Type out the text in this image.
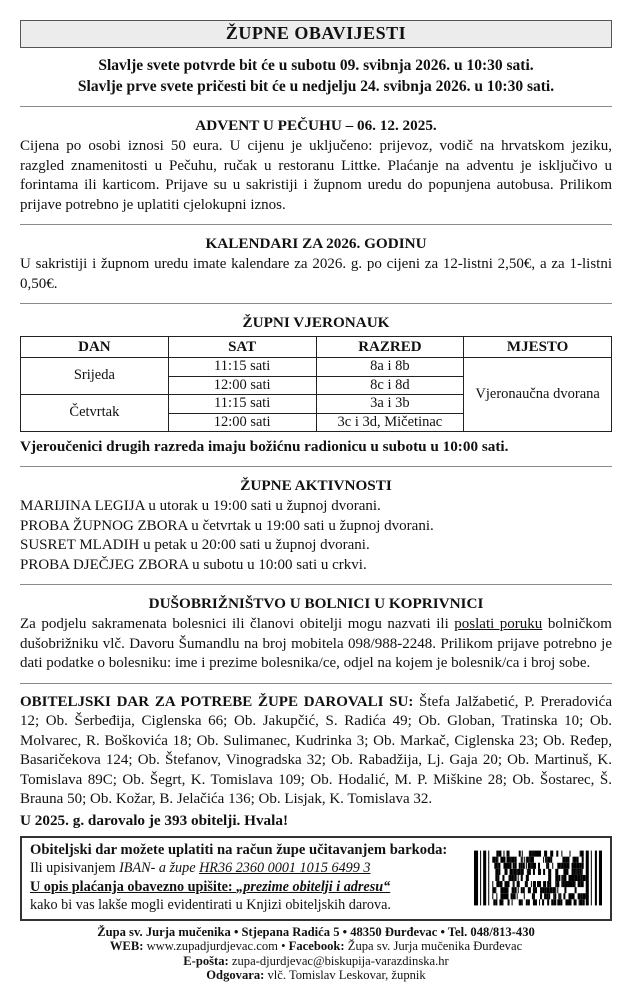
ŽUPNE OBAVIJESTI

Slavlje svete potvrde bit će u subotu 09. svibnja 2026. u 10:30 sati.

Slavlje prve svete pričesti bit će u nedjelju 24. svibnja 2026. u 10:30 sati.

ADVENT U PEČUHU – 06. 12. 2025.

Cijena po osobi iznosi 50 eura. U cijenu je uključeno: prijevoz, vodič na hrvatskom jeziku, razgled znamenitosti u Pečuhu, ručak u restoranu Littke. Plaćanje na adventu je isključivo u forintama ili karticom. Prijave su u sakristiji i župnom uredu do popunjena autobusa. Prilikom prijave potrebno je uplatiti cjelokupni iznos.

KALENDARI ZA 2026. GODINU

U sakristiji i župnom uredu imate kalendare za 2026. g. po cijeni za 12-listni 2,50€, a za 1-listni 0,50€.

ŽUPNI VJERONAUK
DAN	SAT	RAZRED	MJESTO
Srijeda	11:15 sati	8a i 8b	Vjeronaučna dvorana
	12:00 sati	8c i 8d	
Četvrtak	11:15 sati	3a i 3b	
	12:00 sati	3c i 3d, Mičetinac	

Vjeroučenici drugih razreda imaju božićnu radionicu u subotu u 10:00 sati.

ŽUPNE AKTIVNOSTI

MARIJINA LEGIJA u utorak u 19:00 sati u župnoj dvorani.

PROBA ŽUPNOG ZBORA u četvrtak u 19:00 sati u župnoj dvorani.

SUSRET MLADIH u petak u 20:00 sati u župnoj dvorani.

PROBA DJEČJEG ZBORA u subotu u 10:00 sati u crkvi.

DUŠOBRIŽNIŠTVO U BOLNICI U KOPRIVNICI

Za podjelu sakramenata bolesnici ili članovi obitelji mogu nazvati ili poslati poruku bolničkom dušobrižniku vlč. Davoru Šumandlu na broj mobitela 098/988-2248. Prilikom prijave potrebno je dati podatke o bolesniku: ime i prezime bolesnika/ce, odjel na kojem je bolesnik/ca i broj sobe.

OBITELJSKI DAR ZA POTREBE ŽUPE DAROVALI SU: Štefa Jalžabetić, P. Preradovića 12; Ob. Šerbeđija, Ciglenska 66; Ob. Jakupčić, S. Radića 49; Ob. Globan, Tratinska 10; Ob. Molvarec, R. Boškovića 18; Ob. Sulimanec, Kudrinka 3; Ob. Markač, Ciglenska 23; Ob. Ređep, Basaričekova 124; Ob. Štefanov, Vinogradska 32; Ob. Rabadžija, Lj. Gaja 20; Ob. Martinuš, K. Tomislava 89C; Ob. Šegrt, K. Tomislava 109; Ob. Hodalić, M. P. Miškine 28; Ob. Šostarec, Š. Brauna 50; Ob. Kožar, B. Jelačića 136; Ob. Lisjak, K. Tomislava 32.

U 2025. g. darovalo je 393 obitelji. Hvala!

Obiteljski dar možete uplatiti na račun župe učitavanjem barkoda:
Ili upisivanjem IBAN- a župe HR36 2360 0001 1015 6499 3
U opis plaćanja obavezno upišite: „prezime obitelji i adresu“
kako bi vas lakše mogli evidentirati u Knjizi obiteljskih darova.
Župa sv. Jurja mučenika • Stjepana Radića 5 • 48350 Đurđevac • Tel. 048/813-430
WEB: www.zupadjurdjevac.com • Facebook: Župa sv. Jurja mučenika Đurđevac
E-pošta: zupa-djurdjevac@biskupija-varazdinska.hr
Odgovara: vlč. Tomislav Leskovar, župnik
